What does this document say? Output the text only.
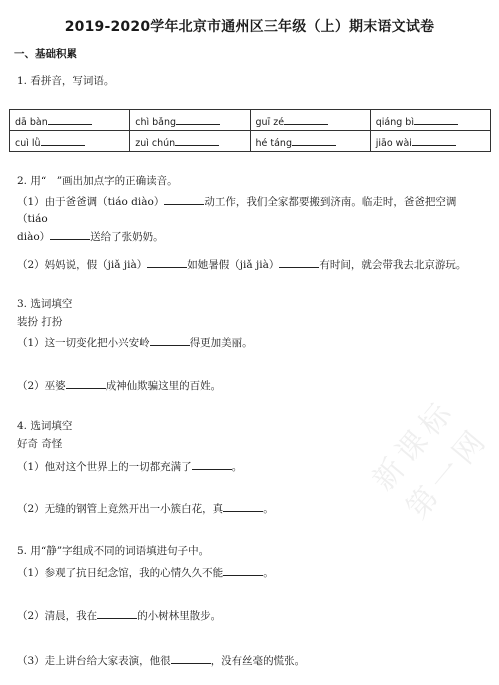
2019-2020学年北京市通州区三年级（上）期末语文试卷
一、基础积累
1. 看拼音，写词语。
dā bàn	chì bǎng	guī zé	qiáng bì
cuì lǜ	zuì chún	hé táng	jiāo wài
2. 用“　”画出加点字的正确读音。
（1）由于爸爸调（tiáo diào）	动工作，我们全家都要搬到济南。临走时，爸爸把空调（tiáo
diào）	送给了张奶奶。
（2）妈妈说，假（jiǎ jià）	如她暑假（jiǎ jià）	有时间，就会带我去北京游玩。
3. 选词填空
装扮 打扮
（1）这一切变化把小兴安岭	得更加美丽。
（2）巫婆	成神仙欺骗这里的百姓。
4. 选词填空
好奇 奇怪
（1）他对这个世界上的一切都充满了	。
（2）无缝的钢管上竟然开出一小簇白花，真	。
5. 用“静”字组成不同的词语填进句子中。
（1）参观了抗日纪念馆，我的心情久久不能	。
（2）清晨，我在	的小树林里散步。
（3）走上讲台给大家表演，他很	，没有丝毫的慌张。
新课标第一网
